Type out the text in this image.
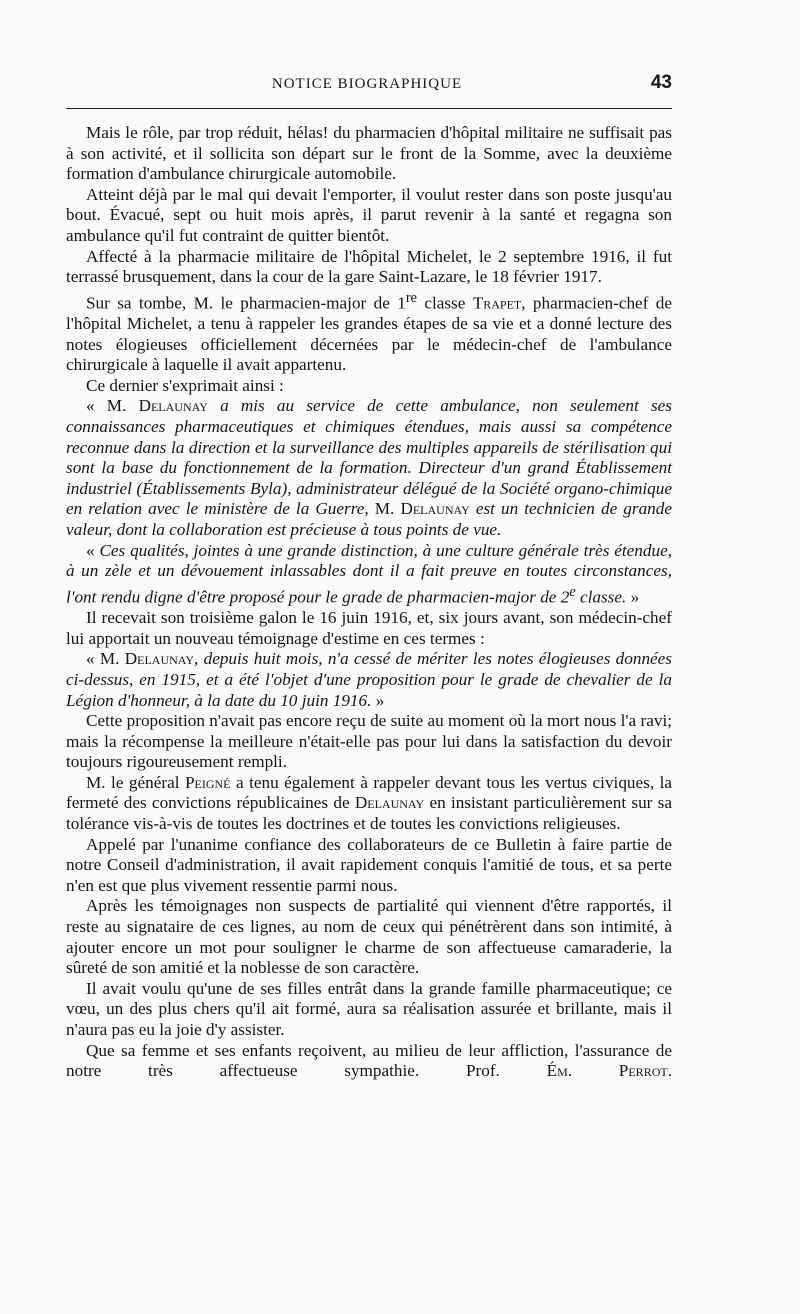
NOTICE BIOGRAPHIQUE	43

Mais le rôle, par trop réduit, hélas! du pharmacien d'hôpital militaire ne suffisait pas à son activité, et il sollicita son départ sur le front de la Somme, avec la deuxième formation d'ambulance chirurgicale automobile.

Atteint déjà par le mal qui devait l'emporter, il voulut rester dans son poste jusqu'au bout. Évacué, sept ou huit mois après, il parut revenir à la santé et regagna son ambulance qu'il fut contraint de quitter bientôt.

Affecté à la pharmacie militaire de l'hôpital Michelet, le 2 septembre 1916, il fut terrassé brusquement, dans la cour de la gare Saint-Lazare, le 18 février 1917.

Sur sa tombe, M. le pharmacien-major de 1re classe Trapet, pharmacien-chef de l'hôpital Michelet, a tenu à rappeler les grandes étapes de sa vie et a donné lecture des notes élogieuses officiellement décernées par le médecin-chef de l'ambulance chirurgicale à laquelle il avait appartenu.

Ce dernier s'exprimait ainsi :

« M. Delaunay a mis au service de cette ambulance, non seulement ses connaissances pharmaceutiques et chimiques étendues, mais aussi sa compétence reconnue dans la direction et la surveillance des multiples appareils de stérilisation qui sont la base du fonctionnement de la formation. Directeur d'un grand Établissement industriel (Établissements Byla), administrateur délégué de la Société organo-chimique en relation avec le ministère de la Guerre, M. Delaunay est un technicien de grande valeur, dont la collaboration est précieuse à tous points de vue.

« Ces qualités, jointes à une grande distinction, à une culture générale très étendue, à un zèle et un dévouement inlassables dont il a fait preuve en toutes circonstances, l'ont rendu digne d'être proposé pour le grade de pharmacien-major de 2e classe. »

Il recevait son troisième galon le 16 juin 1916, et, six jours avant, son médecin-chef lui apportait un nouveau témoignage d'estime en ces termes :

« M. Delaunay, depuis huit mois, n'a cessé de mériter les notes élogieuses données ci-dessus, en 1915, et a été l'objet d'une proposition pour le grade de chevalier de la Légion d'honneur, à la date du 10 juin 1916. »

Cette proposition n'avait pas encore reçu de suite au moment où la mort nous l'a ravi; mais la récompense la meilleure n'était-elle pas pour lui dans la satisfaction du devoir toujours rigoureusement rempli.

M. le général Peigné a tenu également à rappeler devant tous les vertus civiques, la fermeté des convictions républicaines de Delaunay en insistant particulièrement sur sa tolérance vis-à-vis de toutes les doctrines et de toutes les convictions religieuses.

Appelé par l'unanime confiance des collaborateurs de ce Bulletin à faire partie de notre Conseil d'administration, il avait rapidement conquis l'amitié de tous, et sa perte n'en est que plus vivement ressentie parmi nous.

Après les témoignages non suspects de partialité qui viennent d'être rapportés, il reste au signataire de ces lignes, au nom de ceux qui pénétrèrent dans son intimité, à ajouter encore un mot pour souligner le charme de son affectueuse camaraderie, la sûreté de son amitié et la noblesse de son caractère.

Il avait voulu qu'une de ses filles entrât dans la grande famille pharmaceutique; ce vœu, un des plus chers qu'il ait formé, aura sa réalisation assurée et brillante, mais il n'aura pas eu la joie d'y assister.

Que sa femme et ses enfants reçoivent, au milieu de leur affliction, l'assurance de notre très affectueuse sympathie.	Prof. Ém.	Perrot.
